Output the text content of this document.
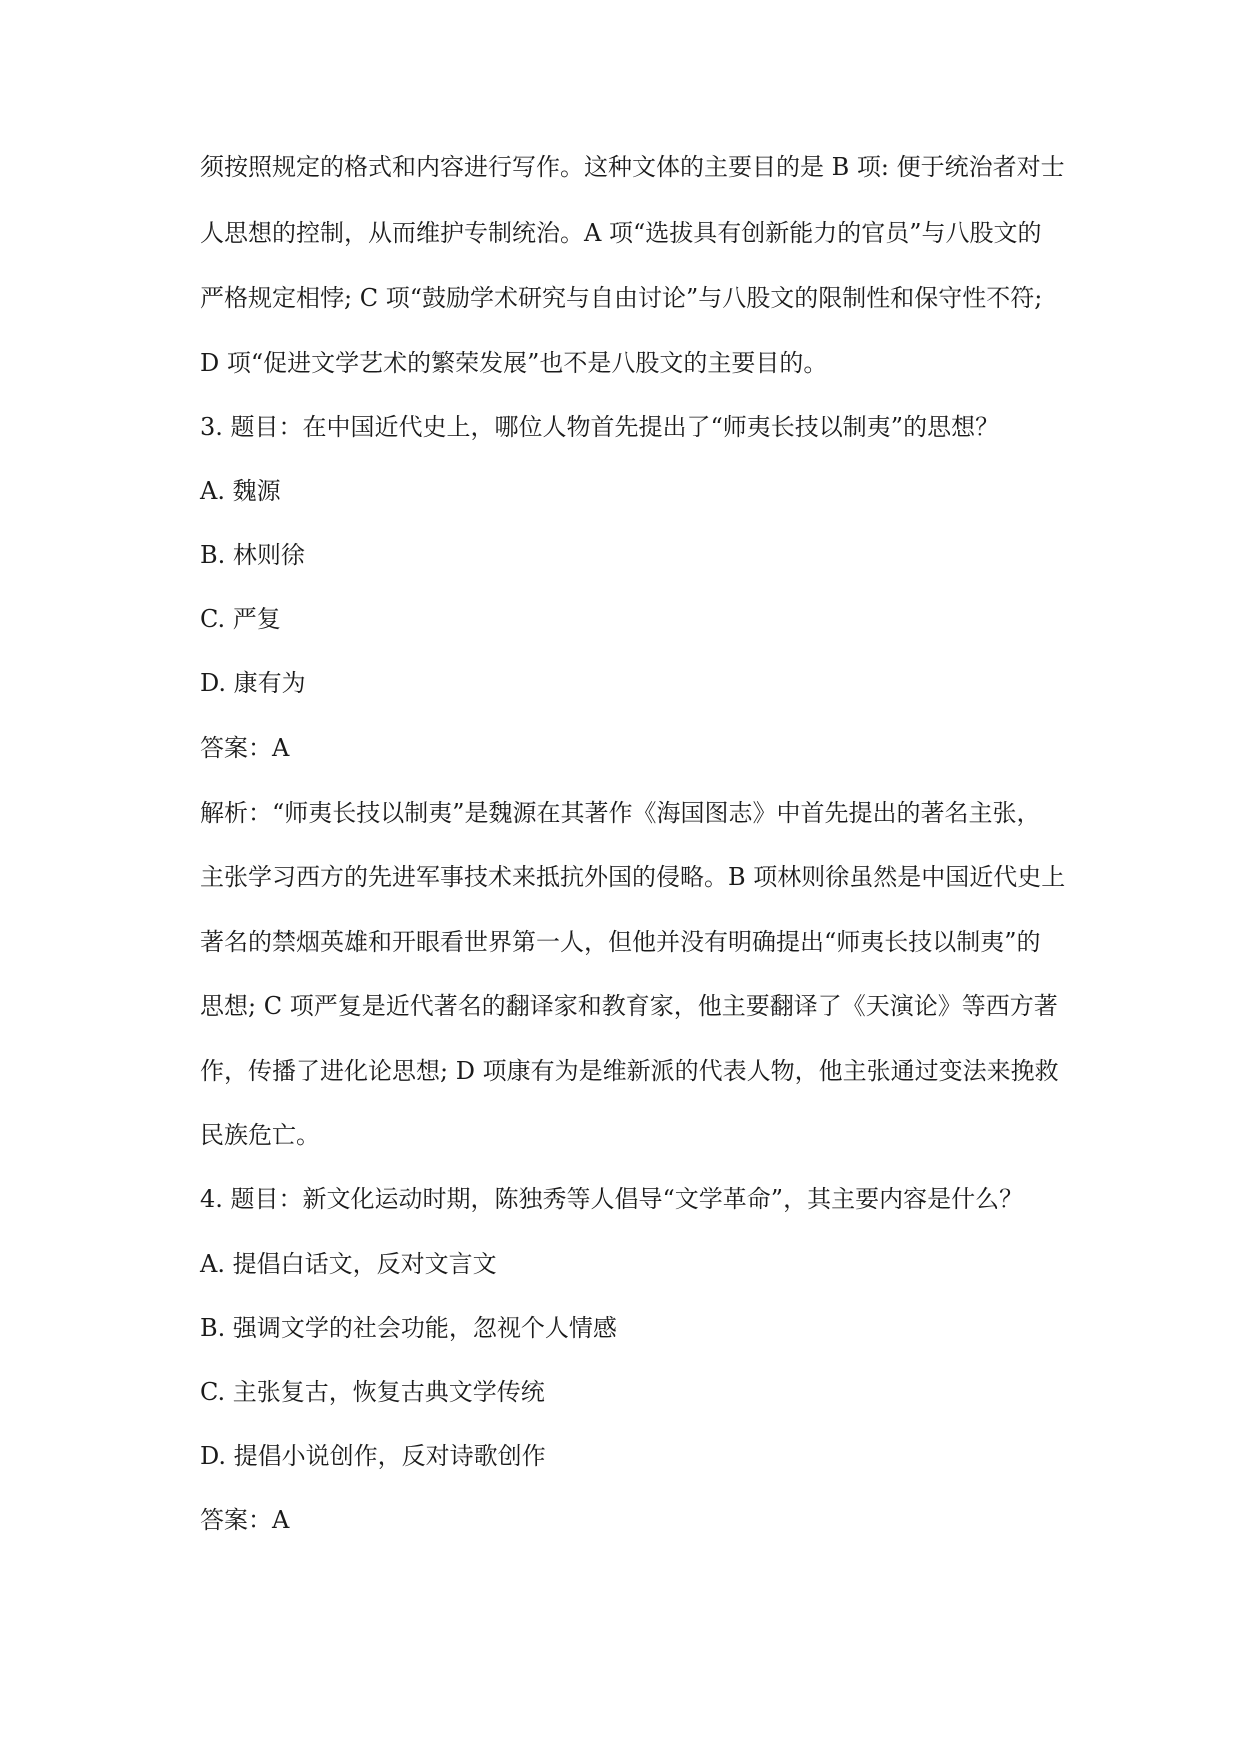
须按照规定的格式和内容进行写作。这种文体的主要目的是 B 项: 便于统治者对士

人思想的控制，从而维护专制统治。A 项“选拔具有创新能力的官员”与八股文的

严格规定相悖; C 项“鼓励学术研究与自由讨论”与八股文的限制性和保守性不符;

D 项“促进文学艺术的繁荣发展”也不是八股文的主要目的。

3. 题目：在中国近代史上，哪位人物首先提出了“师夷长技以制夷”的思想？

A. 魏源

B. 林则徐

C. 严复

D. 康有为

答案：A

解析：“师夷长技以制夷”是魏源在其著作《海国图志》中首先提出的著名主张，

主张学习西方的先进军事技术来抵抗外国的侵略。B 项林则徐虽然是中国近代史上

著名的禁烟英雄和开眼看世界第一人，但他并没有明确提出“师夷长技以制夷”的

思想; C 项严复是近代著名的翻译家和教育家，他主要翻译了《天演论》等西方著

作，传播了进化论思想; D 项康有为是维新派的代表人物，他主张通过变法来挽救

民族危亡。

4. 题目：新文化运动时期，陈独秀等人倡导“文学革命”，其主要内容是什么？

A. 提倡白话文，反对文言文

B. 强调文学的社会功能，忽视个人情感

C. 主张复古，恢复古典文学传统

D. 提倡小说创作，反对诗歌创作

答案：A
